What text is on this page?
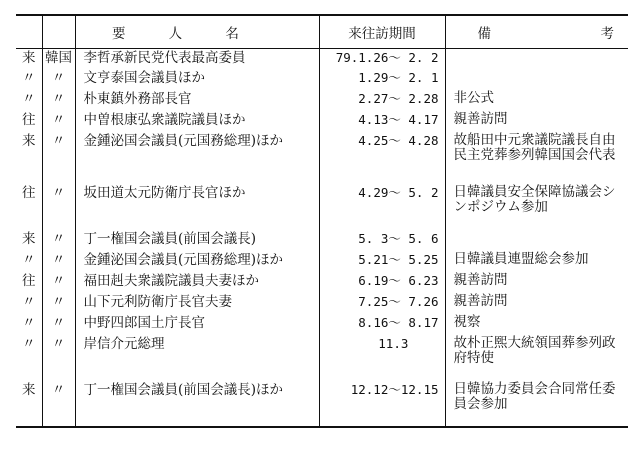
		要人名	来往訪期間	備 考

来	韓国	李哲承新民党代表最高委員	79.1.26～ 2. 2	
〃	〃	文亨泰国会議員ほか	1.29～ 2. 1	
〃	〃	朴東鎮外務部長官	2.27～ 2.28	非公式
往	〃	中曽根康弘衆議院議員ほか	4.13～ 4.17	親善訪問
来	〃	金鍾泌国会議員(元国務総理)ほか	4.25～ 4.28	故船田中元衆議院議長自由民主党葬参列韓国国会代表
往	〃	坂田道太元防衛庁長官ほか	4.29～ 5. 2	日韓議員安全保障協議会シンポジウム参加
来	〃	丁一権国会議員(前国会議長)	5. 3～ 5. 6	
〃	〃	金鍾泌国会議員(元国務総理)ほか	5.21～ 5.25	日韓議員連盟総会参加
往	〃	福田赳夫衆議院議員夫妻ほか	6.19～ 6.23	親善訪問
〃	〃	山下元利防衛庁長官夫妻	7.25～ 7.26	親善訪問
〃	〃	中野四郎国土庁長官	8.16～ 8.17	視察
〃	〃	岸信介元総理	11.3	故朴正煕大統領国葬参列政府特使
来	〃	丁一権国会議員(前国会議長)ほか	12.12～12.15	日韓協力委員会合同常任委員会参加
